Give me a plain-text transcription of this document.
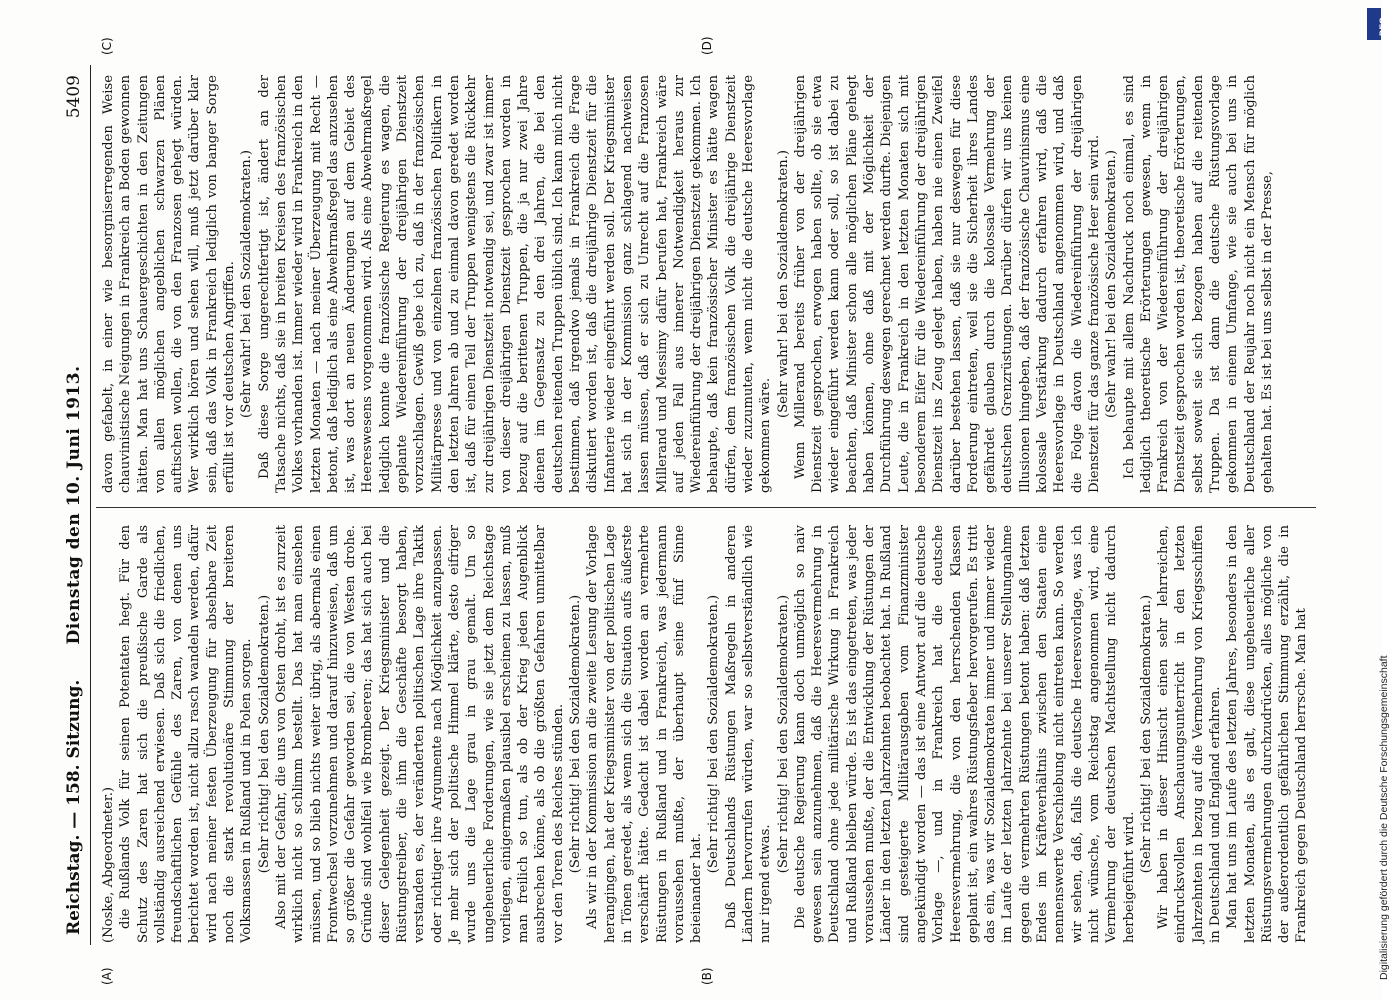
Reichstag. — 158. Sitzung.
Dienstag den 10. Juni 1913.
5409
(A)	(B)
(C)	(D)

(Noske, Abgeordneter.) die Rußlands Volk für seinen Potentaten hegt. Für den Schutz des Zaren hat sich die preußische Garde als vollständig ausreichend erwiesen. Daß sich die friedlichen, freundschaftlichen Gefühle des Zaren, von denen uns berichtet worden ist, nicht allzu rasch wandeln werden, dafür wird nach meiner festen Überzeugung für absehbare Zeit noch die stark revolutionäre Stimmung der breiteren Volksmassen in Rußland und in Polen sorgen. (Sehr richtig! bei den Sozialdemokraten.) Also mit der Gefahr, die uns von Osten droht, ist es zurzeit wirklich nicht so schlimm bestellt. Das hat man einsehen müssen, und so blieb nichts weiter übrig, als abermals einen Frontwechsel vorzunehmen und darauf hinzuweisen, daß um so größer die Gefahr geworden sei, die von Westen drohe. Gründe sind wohlfeil wie Brombeeren; das hat sich auch bei dieser Gelegenheit gezeigt. Der Kriegsminister und die Rüstungstreiber, die ihm die Geschäfte besorgt haben, verstanden es, der veränderten politischen Lage ihre Taktik oder richtiger ihre Argumente nach Möglichkeit anzupassen. Je mehr sich der politische Himmel klärte, desto eifriger wurde uns die Lage grau in grau gemalt. Um so ungeheuerliche Forderungen, wie sie jetzt dem Reichstage vorliegen, einigermaßen plausibel erscheinen zu lassen, muß man freilich so tun, als ob der Krieg jeden Augenblick ausbrechen könne, als ob die größten Gefahren unmittelbar vor den Toren des Reiches stünden. (Sehr richtig! bei den Sozialdemokraten.) Als wir in der Kommission an die zweite Lesung der Vorlage herangingen, hat der Kriegsminister von der politischen Lage in Tönen geredet, als wenn sich die Situation aufs äußerste verschärft hätte. Gedacht ist dabei worden an vermehrte Rüstungen in Rußland und in Frankreich, was jedermann voraussehen mußte, der überhaupt seine fünf Sinne beieinander hat.

(Sehr richtig! bei den Sozialdemokraten.) Daß Deutschlands Rüstungen Maßregeln in anderen Ländern hervorrufen würden, war so selbstverständlich wie nur irgend etwas.

(Sehr richtig! bei den Sozialdemokraten.) Die deutsche Regierung kann doch unmöglich so naiv gewesen sein anzunehmen, daß die Heeresvermehrung in Deutschland ohne jede militärische Wirkung in Frankreich und Rußland bleiben würde. Es ist das eingetreten, was jeder voraussehen mußte, der die Entwicklung der Rüstungen der Länder in den letzten Jahrzehnten beobachtet hat. In Rußland sind gesteigerte Militärausgaben vom Finanzminister angekündigt worden — das ist eine Antwort auf die deutsche Vorlage —, und in Frankreich hat die deutsche Heeresvermehrung, die von den herrschenden Klassen geplant ist, ein wahres Rüstungsfieber hervorgerufen. Es tritt das ein, was wir Sozialdemokraten immer und immer wieder im Laufe der letzten Jahrzehnte bei unserer Stellungnahme gegen die vermehrten Rüstungen betont haben: daß letzten Endes im Kräfteverhältnis zwischen den Staaten eine nennenswerte Verschiebung nicht eintreten kann. So werden wir sehen, daß, falls die deutsche Heeresvorlage, was ich nicht wünsche, vom Reichstag angenommen wird, eine Vermehrung der deutschen Machtstellung nicht dadurch herbeigeführt wird.

(Sehr richtig! bei den Sozialdemokraten.) Wir haben in dieser Hinsicht einen sehr lehrreichen, eindrucksvollen Anschauungsunterricht in den letzten Jahrzehnten in bezug auf die Vermehrung von Kriegsschiffen in Deutschland und England erfahren. Man hat uns im Laufe des letzten Jahres, besonders in den letzten Monaten, als es galt, diese ungeheuerliche aller Rüstungsvermehrungen durchzudrücken, alles mögliche von der außerordentlich gefährlichen Stimmung erzählt, die in Frankreich gegen Deutschland herrsche. Man hat

davon gefabelt, in einer wie besorgniserregenden Weise chauvinistische Neigungen in Frankreich an Boden gewonnen hätten. Man hat uns Schauergeschichten in den Zeitungen von allen möglichen angeblichen schwarzen Plänen auftischen wollen, die von den Franzosen gehegt würden. Wer wirklich hören und sehen will, muß jetzt darüber klar sein, daß das Volk in Frankreich lediglich von banger Sorge erfüllt ist vor deutschen Angriffen. (Sehr wahr! bei den Sozialdemokraten.) Daß diese Sorge ungerechtfertigt ist, ändert an der Tatsache nichts, daß sie in breiten Kreisen des französischen Volkes vorhanden ist. Immer wieder wird in Frankreich in den letzten Monaten — nach meiner Überzeugung mit Recht — betont, daß lediglich als eine Abwehrmaßregel das anzusehen ist, was dort an neuen Änderungen auf dem Gebiet des Heereswesens vorgenommen wird. Als eine Abwehrmaßregel lediglich konnte die französische Regierung es wagen, die geplante Wiedereinführung der dreijährigen Dienstzeit vorzuschlagen. Gewiß gebe ich zu, daß in der französischen Militärpresse und von einzelnen französischen Politikern in den letzten Jahren ab und zu einmal davon geredet worden ist, daß für einen Teil der Truppen wenigstens die Rückkehr zur dreijährigen Dienstzeit notwendig sei, und zwar ist immer von dieser dreijährigen Dienstzeit gesprochen worden in bezug auf die berittenen Truppen, die ja nur zwei Jahre dienen im Gegensatz zu den drei Jahren, die bei den deutschen reitenden Truppen üblich sind. Ich kann mich nicht bestimmen, daß irgendwo jemals in Frankreich die Frage diskutiert worden ist, daß die dreijährige Dienstzeit für die Infanterie wieder eingeführt werden soll. Der Kriegsminister hat sich in der Kommission ganz schlagend nachweisen lassen müssen, daß er sich zu Unrecht auf die Franzosen Millerand und Messimy dafür berufen hat, Frankreich wäre auf jeden Fall aus innerer Notwendigkeit heraus zur Wiedereinführung der dreijährigen Dienstzeit gekommen. Ich behaupte, daß kein französischer Minister es hätte wagen dürfen, dem französischen Volk die dreijährige Dienstzeit wieder zuzumuten, wenn nicht die deutsche Heeresvorlage gekommen wäre.

(Sehr wahr! bei den Sozialdemokraten.) Wenn Millerand bereits früher von der dreijährigen Dienstzeit gesprochen, erwogen haben sollte, ob sie etwa wieder eingeführt werden kann oder soll, so ist dabei zu beachten, daß Minister schon alle möglichen Pläne gehegt haben können, ohne daß mit der Möglichkeit der Durchführung deswegen gerechnet werden durfte. Diejenigen Leute, die in Frankreich in den letzten Monaten sich mit besonderem Eifer für die Wiedereinführung der dreijährigen Dienstzeit ins Zeug gelegt haben, haben nie einen Zweifel darüber bestehen lassen, daß sie nur deswegen für diese Forderung eintreten, weil sie die Sicherheit ihres Landes gefährdet glauben durch die kolossale Vermehrung der deutschen Grenzrüstungen. Darüber dürfen wir uns keinen Illusionen hingeben, daß der französische Chauvinismus eine kolossale Verstärkung dadurch erfahren wird, daß die Heeresvorlage in Deutschland angenommen wird, und daß die Folge davon die Wiedereinführung der dreijährigen Dienstzeit für das ganze französische Heer sein wird. (Sehr wahr! bei den Sozialdemokraten.) Ich behaupte mit allem Nachdruck noch einmal, es sind lediglich theoretische Erörterungen gewesen, wenn in Frankreich von der Wiedereinführung der dreijährigen Dienstzeit gesprochen worden ist, theoretische Erörterungen, selbst soweit sie sich bezogen haben auf die reitenden Truppen. Da ist dann die deutsche Rüstungsvorlage gekommen in einem Umfange, wie sie auch bei uns in Deutschland der Reujahr noch nicht ein Mensch für möglich gehalten hat. Es ist bei uns selbst in der Presse,

DFG
Digitalisierung gefördert durch die Deutsche Forschungsgemeinschaft
